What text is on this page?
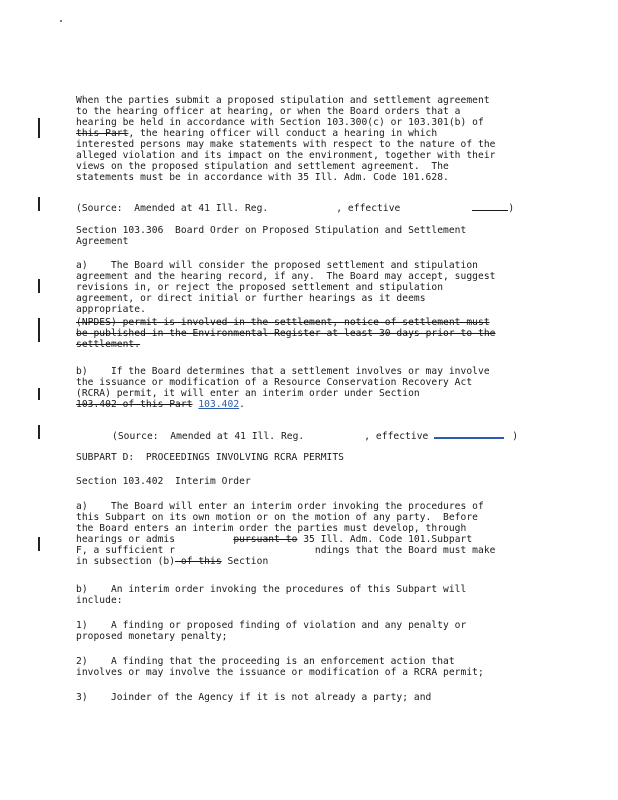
When the parties submit a proposed stipulation and settlement agreement
to the hearing officer at hearing, or when the Board orders that a
hearing be held in accordance with Section 103.300(c) or 103.301(b) of
this Part, the hearing officer will conduct a hearing in which
interested persons may make statements with respect to the nature of the
alleged violation and its impact on the environment, together with their
views on the proposed stipulation and settlement agreement.  The
statements must be in accordance with 35 Ill. Adm. Code 101.628.
(Source:  Amended at 41 Ill. Reg.	, effective	)
Section 103.306  Board Order on Proposed Stipulation and Settlement
Agreement
a)    The Board will consider the proposed settlement and stipulation
agreement and the hearing record, if any.  The Board may accept, suggest
revisions in, or reject the proposed settlement and stipulation
agreement, or direct initial or further hearings as it deems
appropriate.
(NPDES) permit is involved in the settlement, notice of settlement must
be published in the Environmental Register at least 30 days prior to the
settlement.
b)    If the Board determines that a settlement involves or may involve
the issuance or modification of a Resource Conservation Recovery Act
(RCRA) permit, it will enter an interim order under Section
103.402 of this Part 103.402.
(Source:  Amended at 41 Ill. Reg.	, effective	)
SUBPART D:  PROCEEDINGS INVOLVING RCRA PERMITS
Section 103.402  Interim Order
a)    The Board will enter an interim order invoking the procedures of
this Subpart on its own motion or on the motion of any party.  Before
the Board enters an interim order the parties must develop, through
hearings or admis	pursuant to 35 Ill. Adm. Code 101.Subpart
F, a sufficient r                        ndings that the Board must make
in subsection (b) of this Section
b)    An interim order invoking the procedures of this Subpart will
include:
1)    A finding or proposed finding of violation and any penalty or
proposed monetary penalty;
2)    A finding that the proceeding is an enforcement action that
involves or may involve the issuance or modification of a RCRA permit;
3)    Joinder of the Agency if it is not already a party; and
